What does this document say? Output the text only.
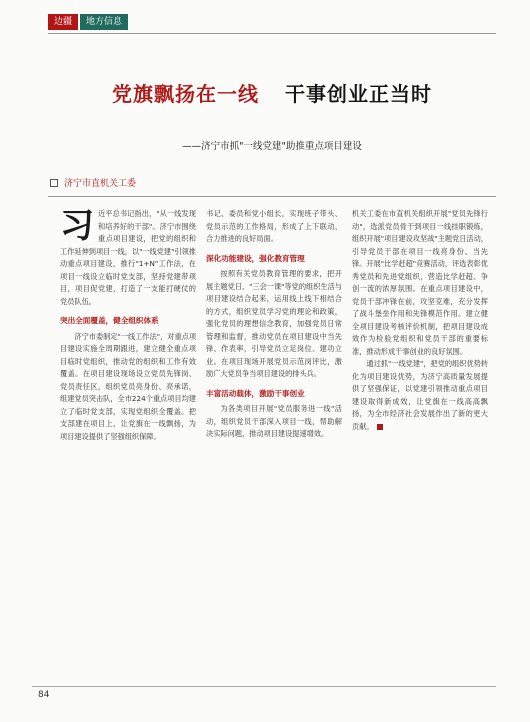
边疆	地方信息
党旗飘扬在一线 干事创业正当时
——济宁市抓"一线党建"助推重点项目建设
济宁市直机关工委
习 近平总书记指出，"从一线发现和培养好的干部"。济宁市围绕重点项目建设，把党的组织和工作延伸到项目一线，以"一线党建"引领推动重点项目建设，推行"1+N"工作法，在项目一线设立临时党支部，坚持党建带项目，项目促党建，打造了一支能打硬仗的党员队伍。

突出全面覆盖，健全组织体系

济宁市委制定"一线工作法"，对重点项目建设实施全周期跟进，建立健全重点项目临时党组织，推动党的组织和工作有效覆盖。在项目建设现场设立党员先锋岗、党员责任区，组织党员亮身份、亮承诺，组建党员突击队，全市224个重点项目均建立了临时党支部，实现党组织全覆盖。把支部建在项目上，让党旗在一线飘扬，为项目建设提供了坚强组织保障。

书记、委员和党小组长，实现班子带头、党员示范的工作格局，形成了上下联动、合力推进的良好局面。

深化功能建设，强化教育管理

按照有关党员教育管理的要求，把开展主题党日、"三会一课"等党的组织生活与项目建设结合起来，运用线上线下相结合的方式，组织党员学习党的理论和政策，强化党员的理想信念教育，加强党员日常管理和监督，推动党员在项目建设中当先锋、作表率，引导党员立足岗位、建功立业。在项目现场开展党员示范岗评比，激励广大党员争当项目建设的排头兵。

丰富活动载体，激励干事创业

为各类项目开展"党员服务进一线"活动，组织党员干部深入项目一线，帮助解决实际问题，推动项目建设提速增效。

机关工委在市直机关组织开展"党员先锋行动"，选派党员骨干到项目一线挂职锻炼，组织开展"项目建设攻坚战"主题党日活动，引导党员干部在项目一线亮身份、当先锋。开展"比学赶超"竞赛活动，评选表彰优秀党员和先进党组织，营造比学赶超、争创一流的浓厚氛围。在重点项目建设中，党员干部冲锋在前，攻坚克难，充分发挥了战斗堡垒作用和先锋模范作用。建立健全项目建设考核评价机制，把项目建设成效作为检验党组织和党员干部的重要标准，推动形成干事创业的良好氛围。

通过抓"一线党建"，把党的组织优势转化为项目建设优势，为济宁高质量发展提供了坚强保证，以党建引领推动重点项目建设取得新成效，让党旗在一线高高飘扬，为全市经济社会发展作出了新的更大贡献。

84
